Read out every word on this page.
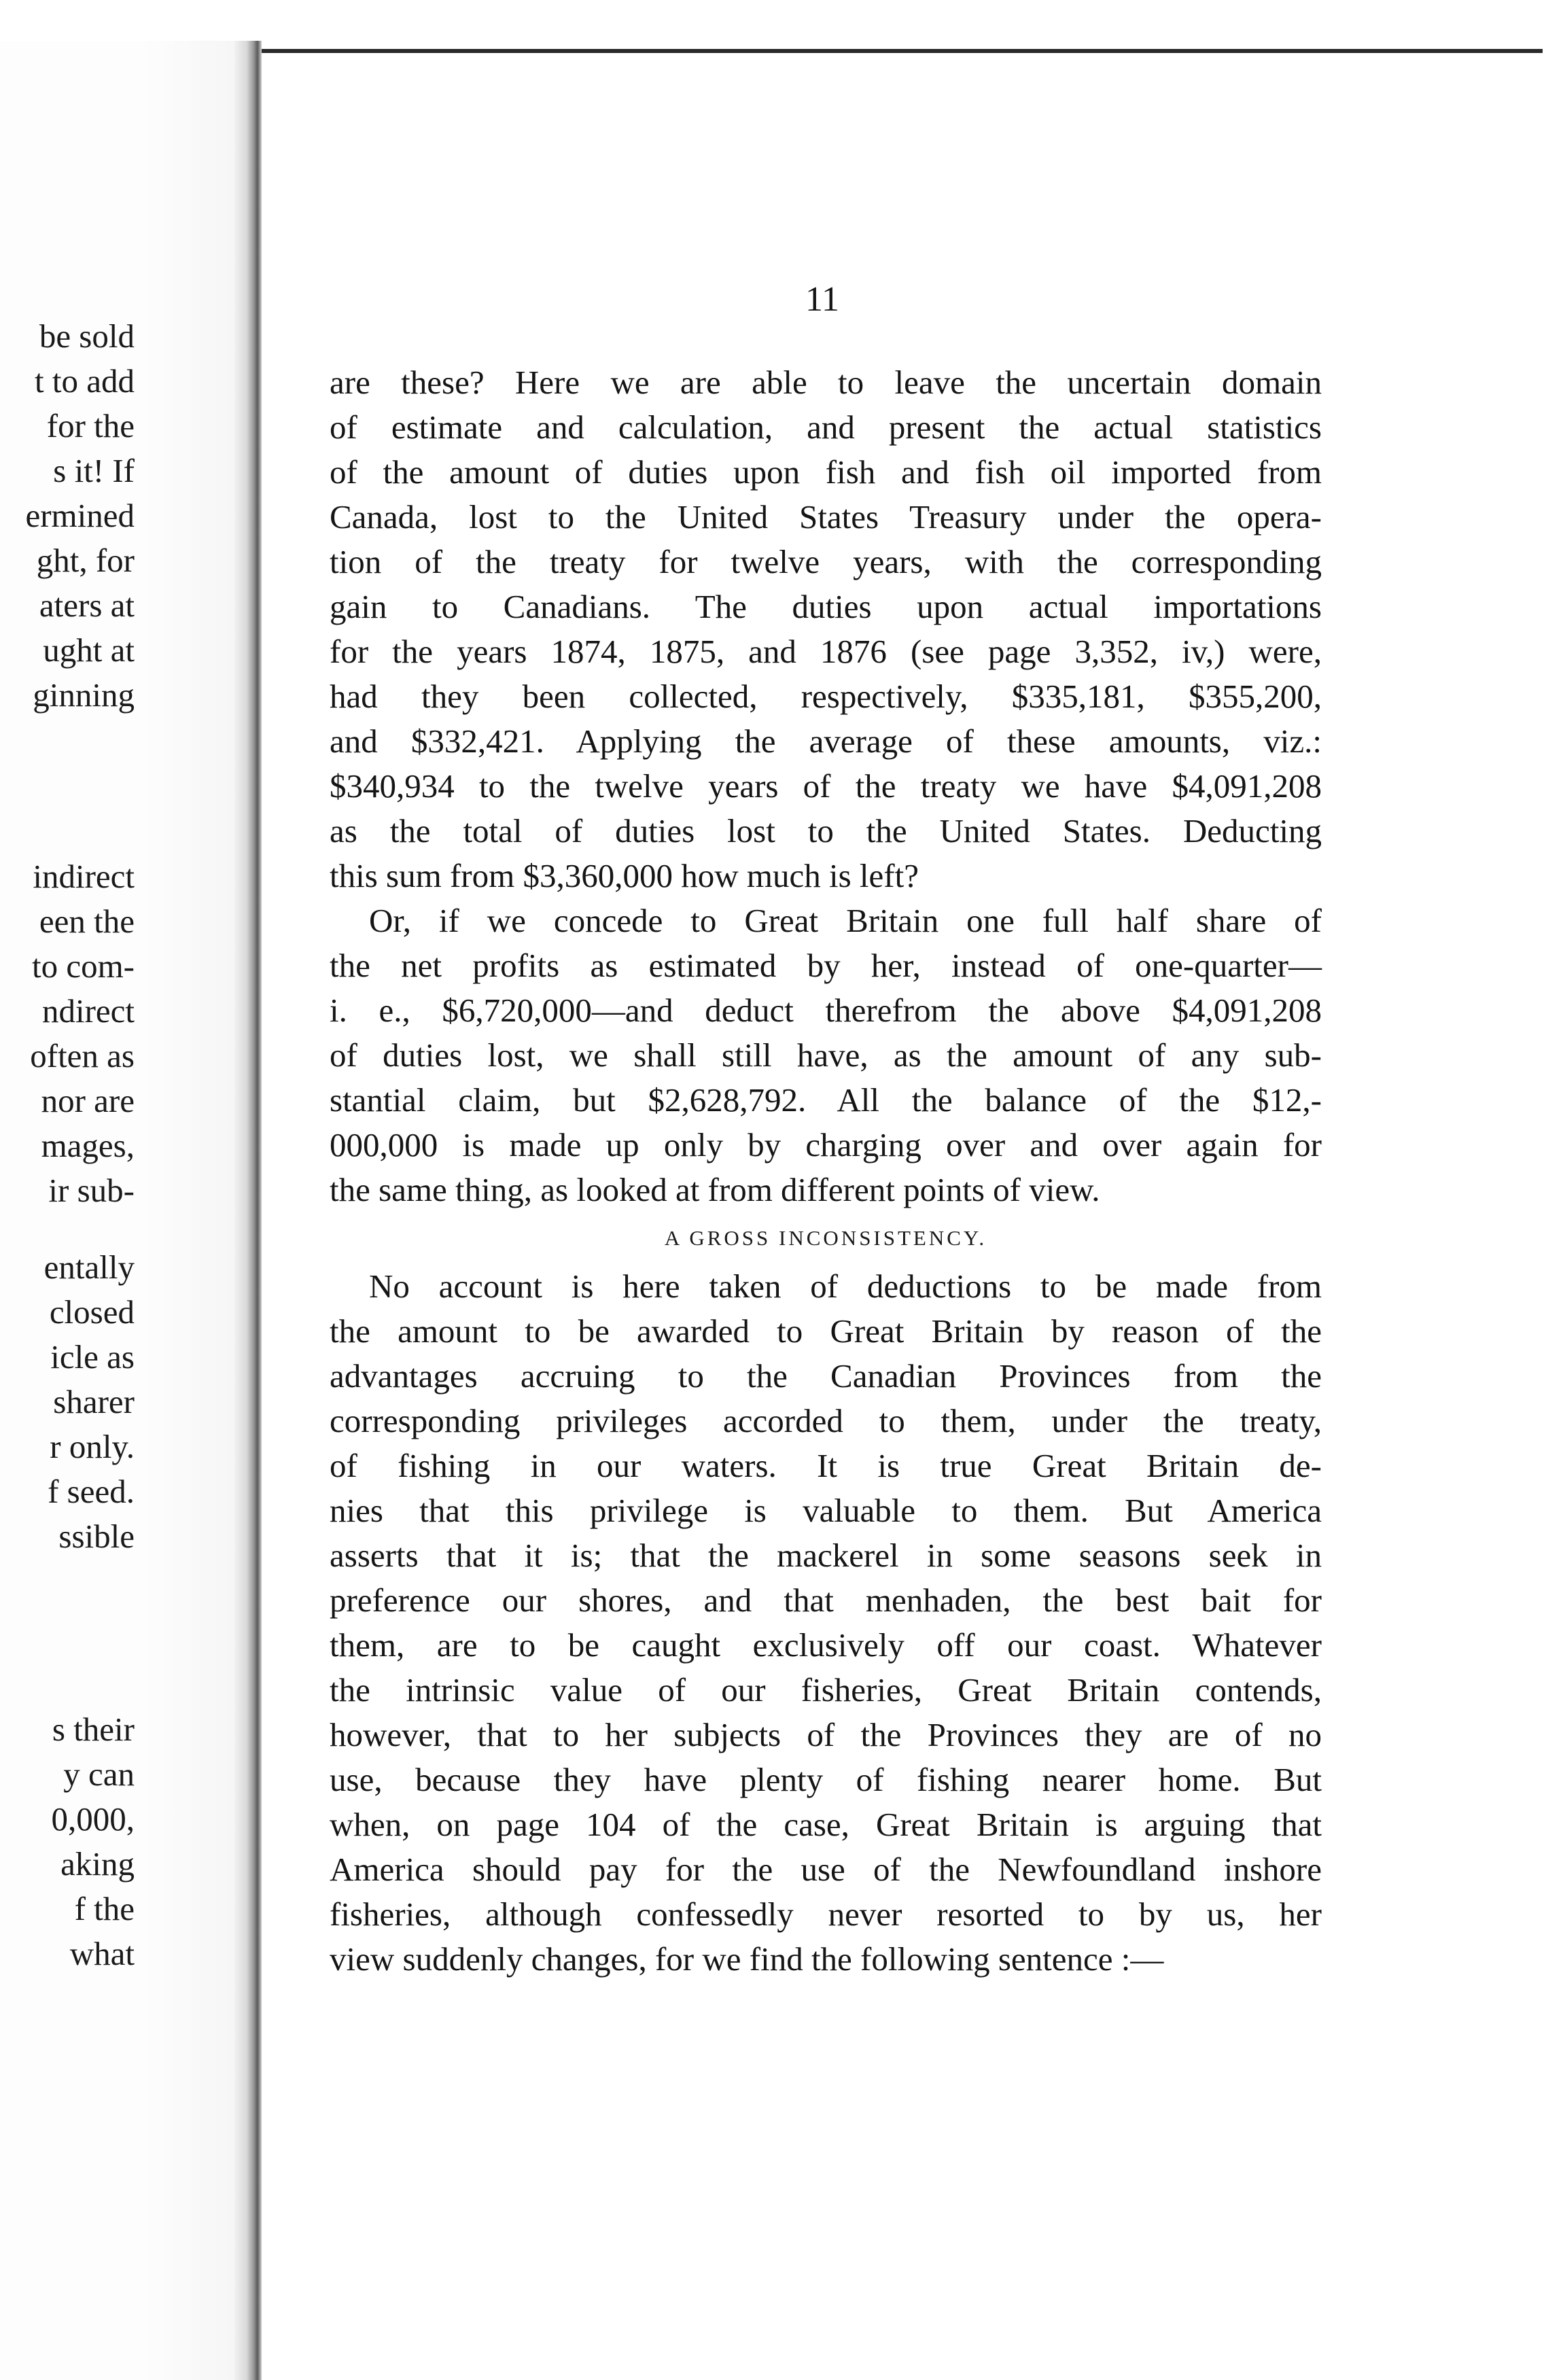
be sold
t to add
for the
s it! If
ermined
ght, for
aters at
ught at
ginning
indirect
een the
to com-
ndirect
often as
nor are
mages,
ir sub-
entally
closed
icle as
sharer
r only.
f seed.
ssible
s their
y can
0,000,
aking
f the
what
11
are these? Here we are able to leave the uncertain domain
of estimate and calculation, and present the actual statistics
of the amount of duties upon fish and fish oil imported from
Canada, lost to the United States Treasury under the opera-
tion of the treaty for twelve years, with the corresponding
gain to Canadians. The duties upon actual importations
for the years 1874, 1875, and 1876 (see page 3,352, iv,) were,
had they been collected, respectively, $335,181, $355,200,
and $332,421. Applying the average of these amounts, viz.:
$340,934 to the twelve years of the treaty we have $4,091,208
as the total of duties lost to the United States. Deducting
this sum from $3,360,000 how much is left?
Or, if we concede to Great Britain one full half share of
the net profits as estimated by her, instead of one-quarter—
i. e., $6,720,000—and deduct therefrom the above $4,091,208
of duties lost, we shall still have, as the amount of any sub-
stantial claim, but $2,628,792. All the balance of the $12,-
000,000 is made up only by charging over and over again for
the same thing, as looked at from different points of view.
A GROSS INCONSISTENCY.
No account is here taken of deductions to be made from
the amount to be awarded to Great Britain by reason of the
advantages accruing to the Canadian Provinces from the
corresponding privileges accorded to them, under the treaty,
of fishing in our waters. It is true Great Britain de-
nies that this privilege is valuable to them. But America
asserts that it is; that the mackerel in some seasons seek in
preference our shores, and that menhaden, the best bait for
them, are to be caught exclusively off our coast. Whatever
the intrinsic value of our fisheries, Great Britain contends,
however, that to her subjects of the Provinces they are of no
use, because they have plenty of fishing nearer home. But
when, on page 104 of the case, Great Britain is arguing that
America should pay for the use of the Newfoundland inshore
fisheries, although confessedly never resorted to by us, her
view suddenly changes, for we find the following sentence :—
